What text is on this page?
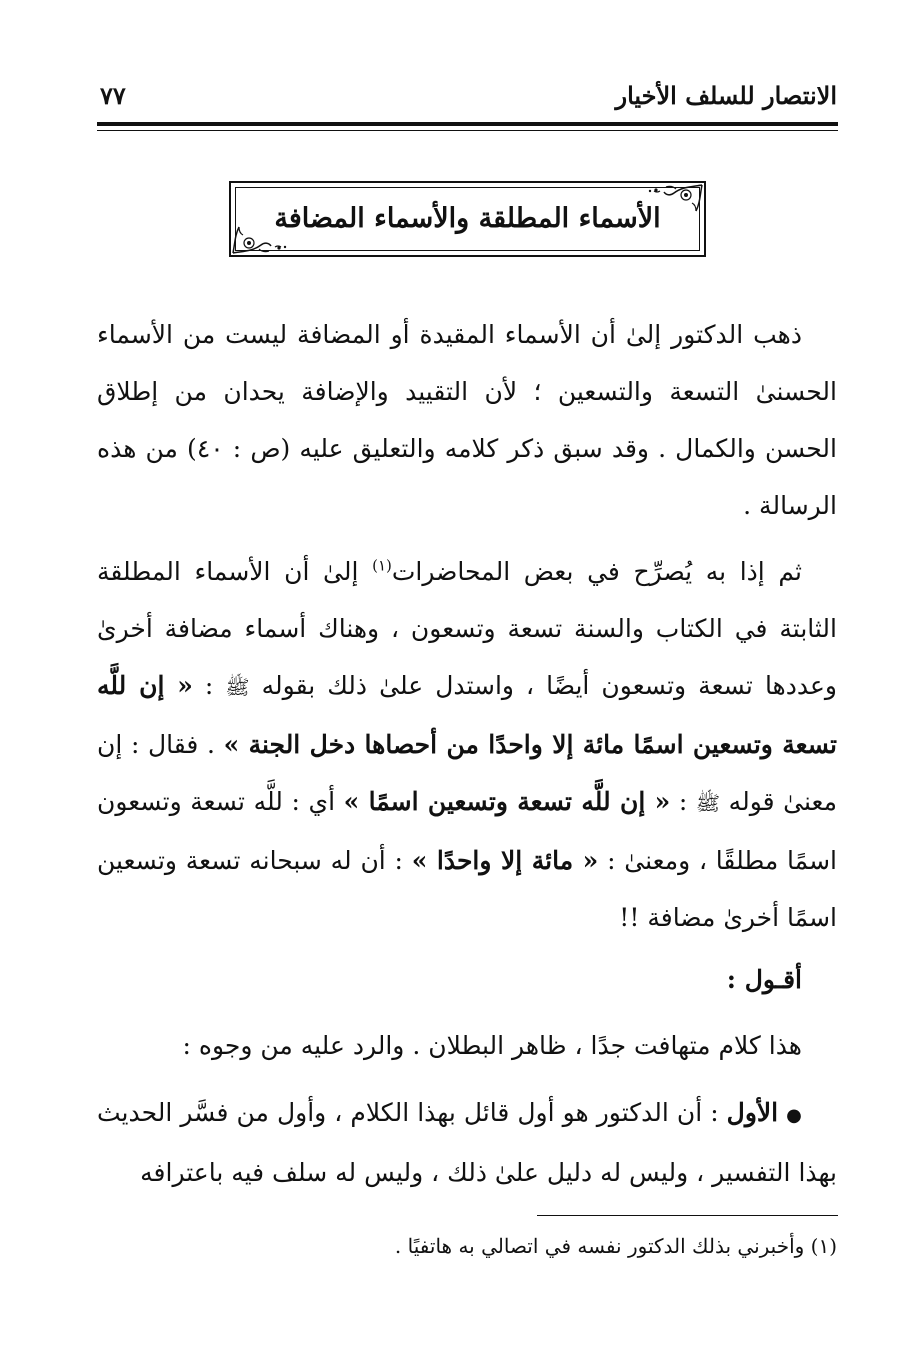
الانتصار للسلف الأخيار
٧٧
الأسماء المطلقة والأسماء المضافة

ذهب الدكتور إلىٰ أن الأسماء المقيدة أو المضافة ليست من الأسماء الحسنىٰ التسعة والتسعين ؛ لأن التقييد والإضافة يحدان من إطلاق الحسن والكمال . وقد سبق ذكر كلامه والتعليق عليه (ص : ٤٠) من هذه الرسالة .

ثم إذا به يُصرِّح في بعض المحاضرات$^{(١)}$ إلىٰ أن الأسماء المطلقة الثابتة في الكتاب والسنة تسعة وتسعون ، وهناك أسماء مضافة أخرىٰ وعددها تسعة وتسعون أيضًا ، واستدل علىٰ ذلك بقوله ﷺ : « إن للَّه تسعة وتسعين اسمًا مائة إلا واحدًا من أحصاها دخل الجنة » . فقال : إن معنىٰ قوله ﷺ : « إن للَّه تسعة وتسعين اسمًا » أي : للَّه تسعة وتسعون اسمًا مطلقًا ، ومعنىٰ : « مائة إلا واحدًا » : أن له سبحانه تسعة وتسعين اسمًا أخرىٰ مضافة !!

أقـول :

هذا كلام متهافت جدًا ، ظاهر البطلان . والرد عليه من وجوه :

● الأول : أن الدكتور هو أول قائل بهذا الكلام ، وأول من فسَّر الحديث بهذا التفسير ، وليس له دليل علىٰ ذلك ، وليس له سلف فيه باعترافه

(١) وأخبرني بذلك الدكتور نفسه في اتصالي به هاتفيًا .
